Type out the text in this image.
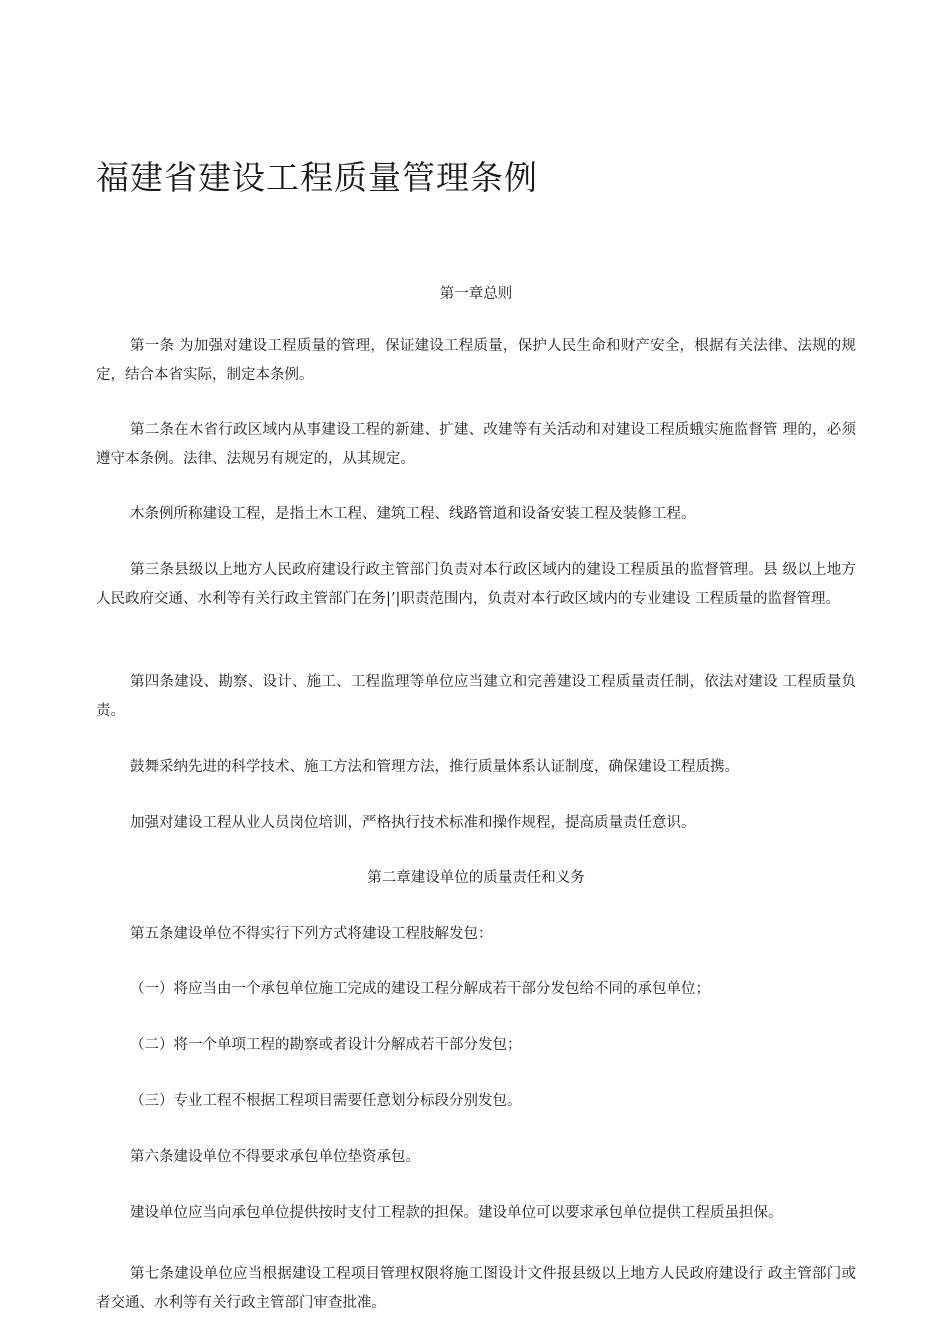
福建省建设工程质量管理条例

第一章总则

第一条 为加强对建设工程质量的管理，保证建设工程质量，保护人民生命和财产安全，根据有关法律、法规的规定，结合本省实际，制定本条例。

第二条在木省行政区域内从事建设工程的新建、扩建、改建等有关活动和对建设工程质蛾实施监督管 理的，必须遵守本条例。法律、法规另有规定的，从其规定。

木条例所称建设工程，是指土木工程、建筑工程、线路管道和设备安装工程及装修工程。

第三条县级以上地方人民政府建设行政主管部门负责对本行政区域内的建设工程质虽的监督管理。县 级以上地方人民政府交通、水利等有关行政主管部门在务|’|职责范围内，负责对本行政区域内的专业建设 工程质量的监督管理。

第四条建设、勘察、设计、施工、工程监理等单位应当建立和完善建设工程质量责任制，依法对建设 工程质量负责。

鼓舞采纳先进的科学技术、施工方法和管理方法，推行质量体系认证制度，确保建设工程质携。

加强对建设工程从业人员岗位培训，严格执行技术标准和操作规程，提高质量责任意识。

第二章建设单位的质量责任和义务

第五条建设单位不得实行下列方式将建设工程肢解发包：

（一）将应当由一个承包单位施工完成的建设工程分解成若干部分发包给不同的承包单位；

（二）将一个单项工程的勘察或者设计分解成若干部分发包；

（三）专业工程不根据工程项目需要任意划分标段分别发包。

第六条建设单位不得要求承包单位垫资承包。

建设单位应当向承包单位提供按时支付工程款的担保。建设单位可以要求承包单位提供工程质虽担保。

第七条建设单位应当根据建设工程项目管理权限将施工图设计文件报县级以上地方人民政府建设行 政主管部门或者交通、水利等有关行政主管部门审查批准。
